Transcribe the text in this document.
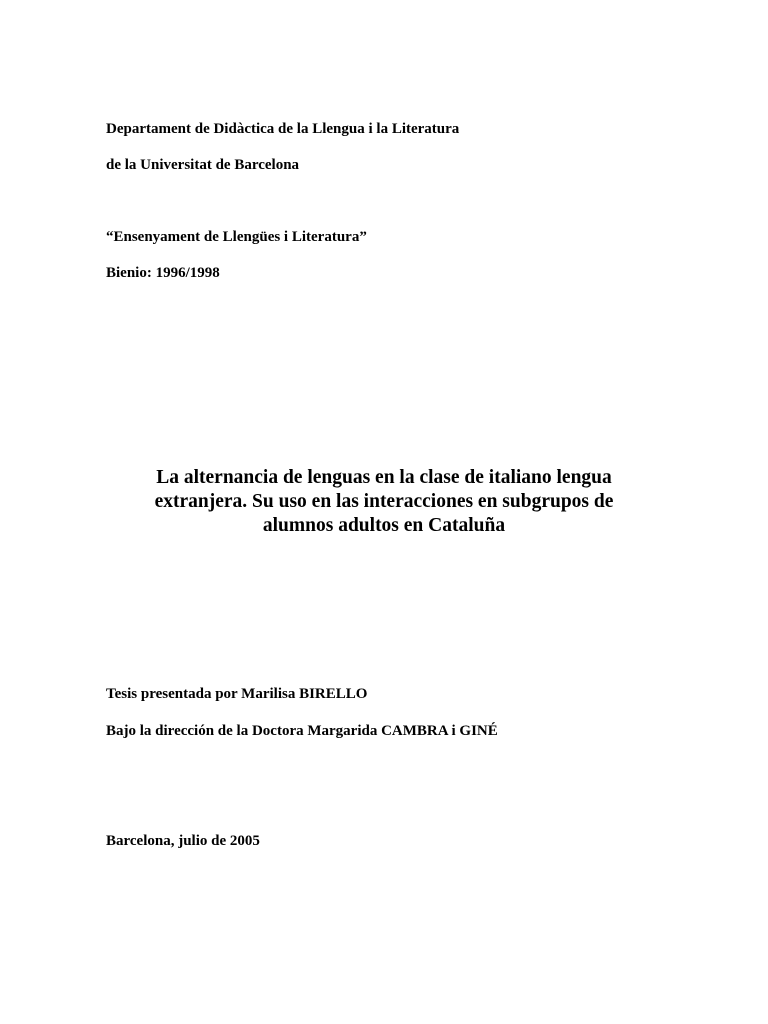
Departament de Didàctica de la Llengua i la Literatura

de la Universitat de Barcelona

“Ensenyament de Llengües i Literatura”

Bienio: 1996/1998

La alternancia de lenguas en la clase de italiano lengua
extranjera. Su uso en las interacciones en subgrupos de
alumnos adultos en Cataluña

Tesis presentada por Marilisa BIRELLO

Bajo la dirección de la Doctora Margarida CAMBRA i GINÉ

Barcelona, julio de 2005
